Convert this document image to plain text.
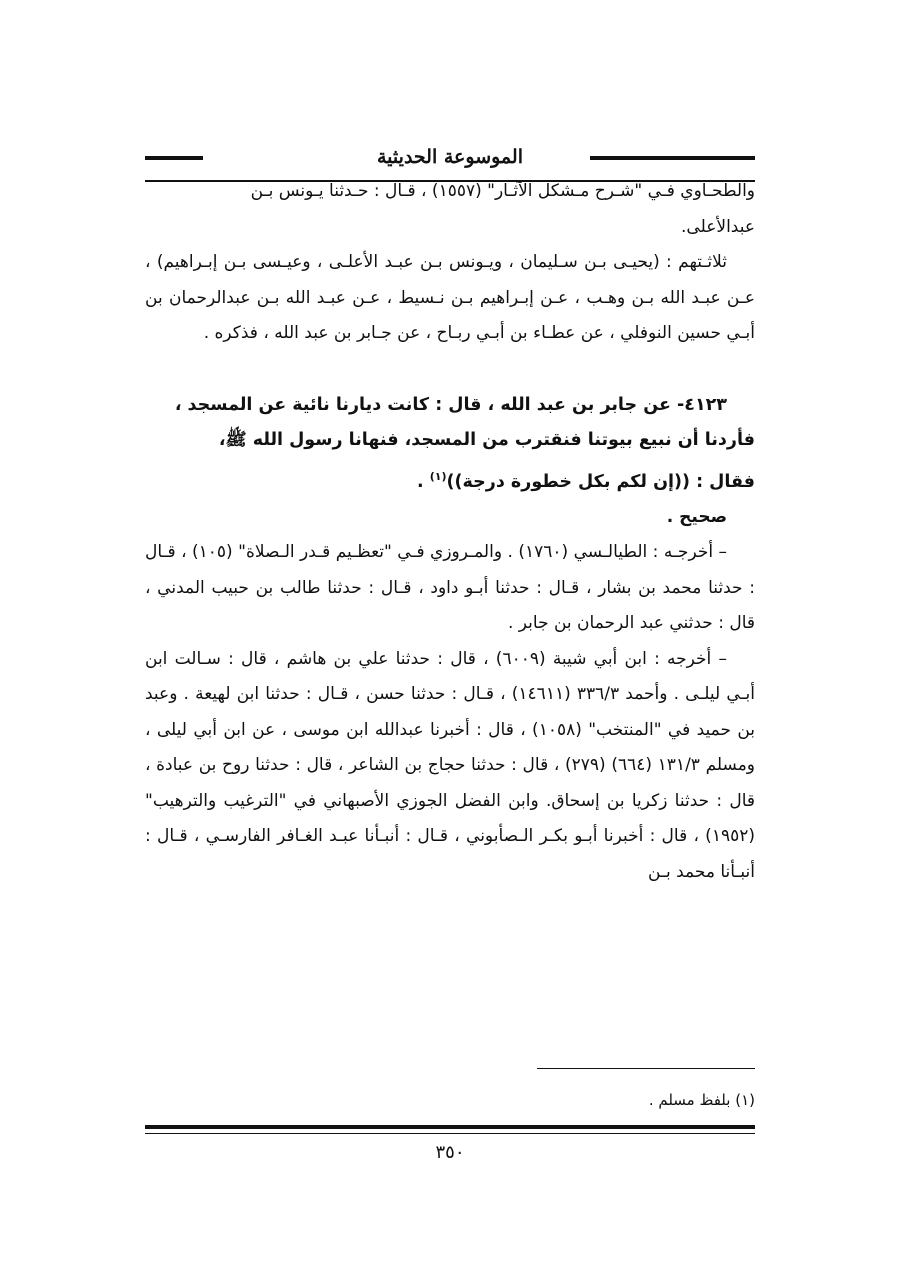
الموسوعة الحديثية

والطحـاوي فـي "شـرح مـشكل الآثـار" (١٥٥٧) ، قـال : حـدثنا يـونس بـن

عبدالأعلى.

ثلاثـتهم : (يحيـى بـن سـليمان ، ويـونس بـن عبـد الأعلـى ، وعيـسى بـن إبـراهيم) ، عـن عبـد الله بـن وهـب ، عـن إبـراهيم بـن نـسيط ، عـن عبـد الله بـن عبدالرحمان بن أبـي حسين النوفلي ، عن عطـاء بن أبـي ربـاح ، عن جـابر بن عبد الله ، فذكره .

٤١٢٣- عن جابر بن عبد الله ، قال : كانت ديارنا نائية عن المسجد ،

فأردنا أن نبيع بيوتنا فنقترب من المسجد، فنهانا رسول الله ﷺ،

فقال : ((إن لكم بكل خطورة درجة))$^{(١)}$ .

صحيح .

– أخرجـه : الطيالـسي (١٧٦٠) . والمـروزي فـي "تعظـيم قـدر الـصلاة" (١٠٥) ، قـال : حدثنا محمد بن بشار ، قـال : حدثنا أبـو داود ، قـال : حدثنا طالب بن حبيب المدني ، قال : حدثني عبد الرحمان بن جابر .

– أخرجه : ابن أبي شيبة (٦٠٠٩) ، قال : حدثنا علي بن هاشم ، قال : سـالت ابن أبـي ليلـى . وأحمد ٣٣٦/٣ (١٤٦١١) ، قـال : حدثنا حسن ، قـال : حدثنا ابن لهيعة . وعبد بن حميد في "المنتخب" (١٠٥٨) ، قال : أخبرنا عبدالله ابن موسى ، عن ابن أبي ليلى ، ومسلم ١٣١/٣ (٦٦٤) (٢٧٩) ، قال : حدثنا حجاج بن الشاعر ، قال : حدثنا روح بن عبادة ، قال : حدثنا زكريا بن إسحاق. وابن الفضل الجوزي الأصبهاني في "الترغيب والترهيب" (١٩٥٢) ، قال : أخبرنا أبـو بكـر الـصأبوني ، قـال : أنبـأنا عبـد الغـافر الفارسـي ، قـال : أنبـأنا محمد بـن

(١) بلفظ مسلم .
٣٥٠
